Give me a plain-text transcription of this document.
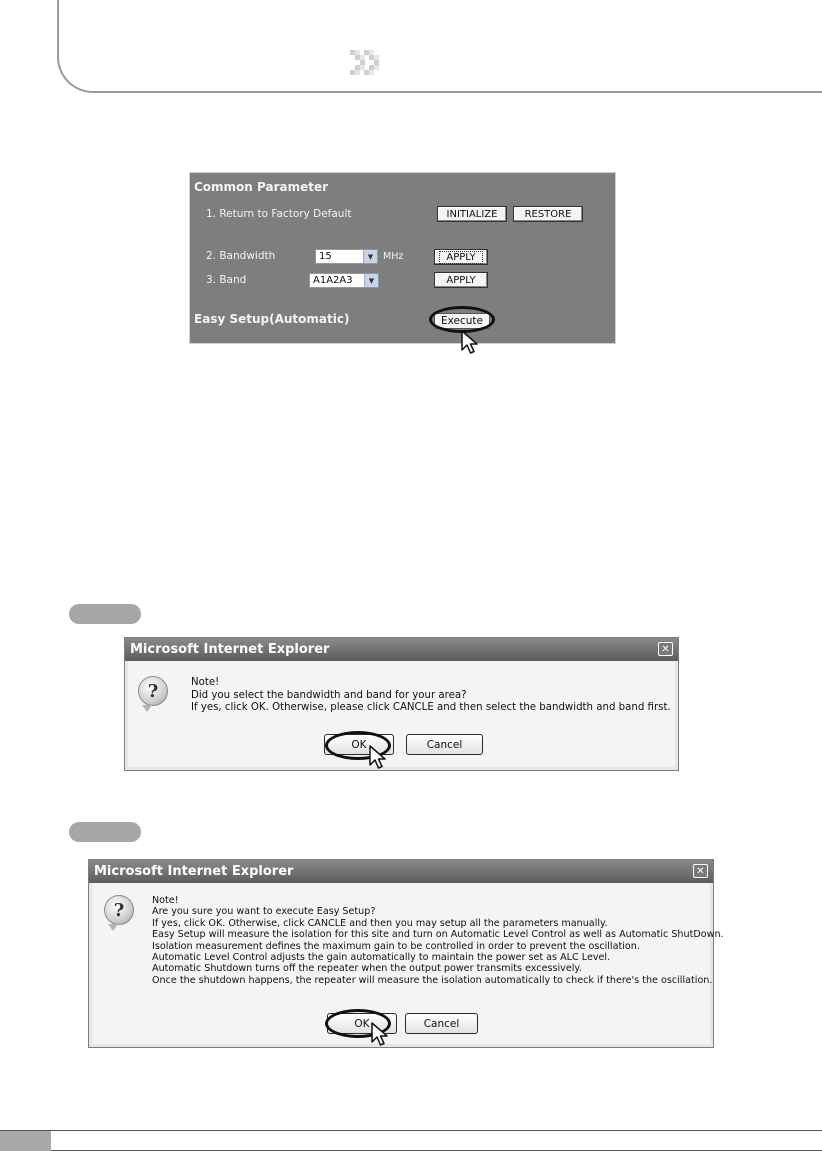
Common Parameter
1. Return to Factory Default	INITIALIZE	RESTORE
2. Bandwidth	15	▼	MHz	APPLY
3. Band	A1A2A3	▼	APPLY
Easy Setup(Automatic)	Execute
Microsoft Internet Explorer	✕
?	Note!
Did you select the bandwidth and band for your area?
If yes, click OK. Otherwise, please click CANCLE and then select the bandwidth and band first.
OK	Cancel
Microsoft Internet Explorer	✕
?	Note!
Are you sure you want to execute Easy Setup?
If yes, click OK. Otherwise, click CANCLE and then you may setup all the parameters manually.
Easy Setup will measure the isolation for this site and turn on Automatic Level Control as well as Automatic ShutDown.
Isolation measurement defines the maximum gain to be controlled in order to prevent the oscillation.
Automatic Level Control adjusts the gain automatically to maintain the power set as ALC Level.
Automatic Shutdown turns off the repeater when the output power transmits excessively.
Once the shutdown happens, the repeater will measure the isolation automatically to check if there's the oscillation.
OK	Cancel
